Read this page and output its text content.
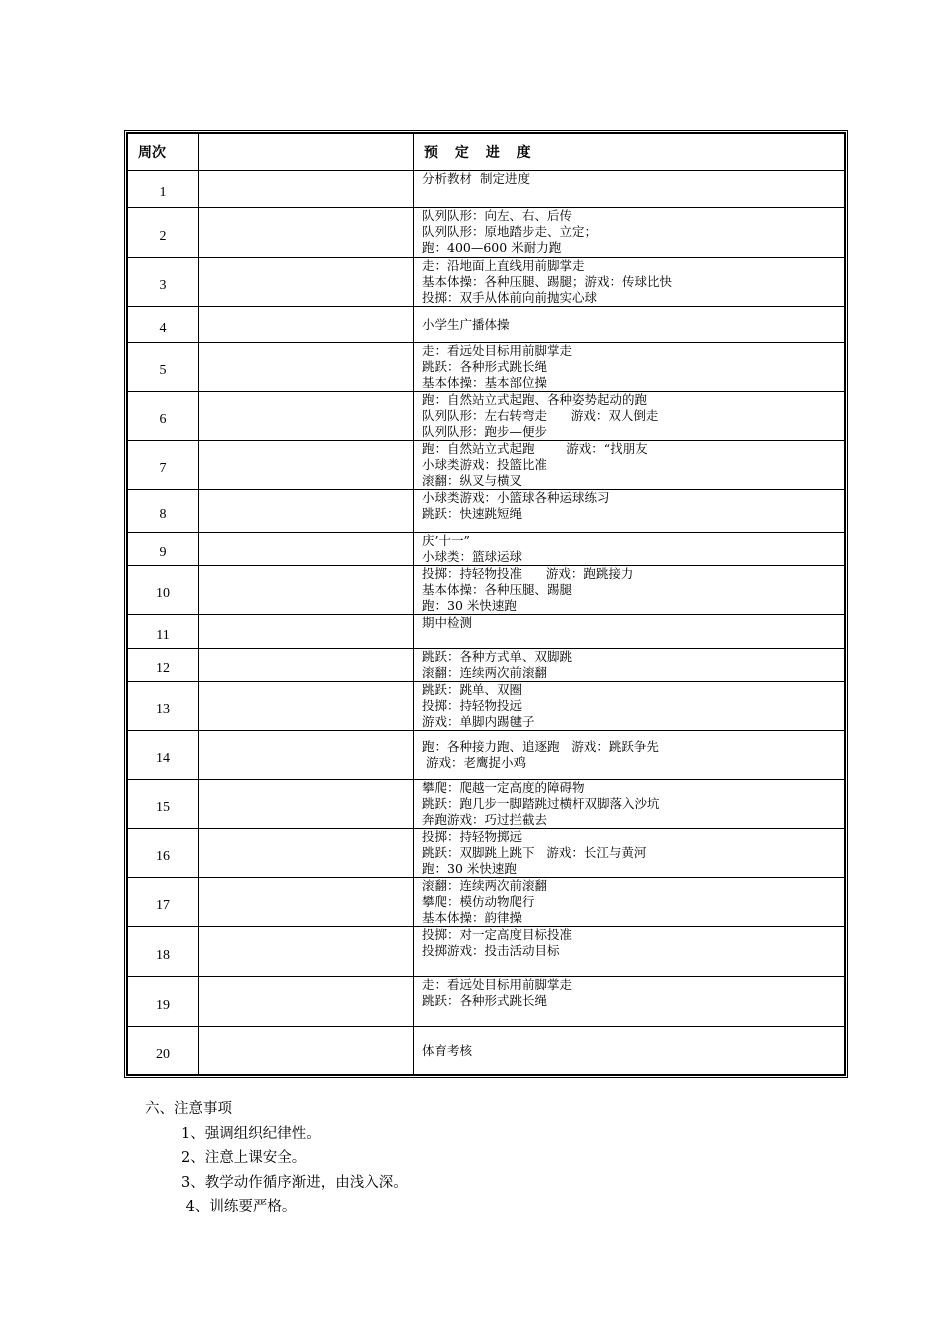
周次		预 定 进 度
1		分析教材  制定进度

2		队列队形：向左、右、后传
队列队形：原地踏步走、立定；
跑：400—600 米耐力跑

3		走：沿地面上直线用前脚掌走
基本体操：各种压腿、踢腿；游戏：传球比快
投掷：双手从体前向前抛实心球

4		小学生广播体操

5		走：看远处目标用前脚掌走
跳跃：各种形式跳长绳
基本体操：基本部位操

6		跑：自然站立式起跑、各种姿势起动的跑
队列队形：左右转弯走      游戏：双人倒走
队列队形：跑步—便步

7		跑：自然站立式起跑        游戏：“找朋友
小球类游戏：投篮比准
滚翻：纵叉与横叉

8		小球类游戏：小篮球各种运球练习
跳跃：快速跳短绳

9		庆’十一”
小球类：篮球运球

10		投掷：持轻物投准      游戏：跑跳接力
基本体操：各种压腿、踢腿
跑：30 米快速跑

11		期中检测

12		跳跃：各种方式单、双脚跳
滚翻：连续两次前滚翻

13		跳跃：跳单、双圈
投掷：持轻物投远
游戏：单脚内踢毽子

14		跑：各种接力跑、追逐跑   游戏：跳跃争先
游戏：老鹰捉小鸡

15		攀爬：爬越一定高度的障碍物
跳跃：跑几步一脚踏跳过横杆双脚落入沙坑
奔跑游戏：巧过拦截去

16		投掷：持轻物掷远
跳跃：双脚跳上跳下   游戏：长江与黄河
跑：30 米快速跑

17		滚翻：连续两次前滚翻
攀爬：模仿动物爬行
基本体操：韵律操

18		投掷：对一定高度目标投准
投掷游戏：投击活动目标

19		走：看远处目标用前脚掌走
跳跃：各种形式跳长绳

20		体育考核
六、注意事项
1、强调组织纪律性。
2、注意上课安全。
3、教学动作循序渐进，由浅入深。
4、训练要严格。
